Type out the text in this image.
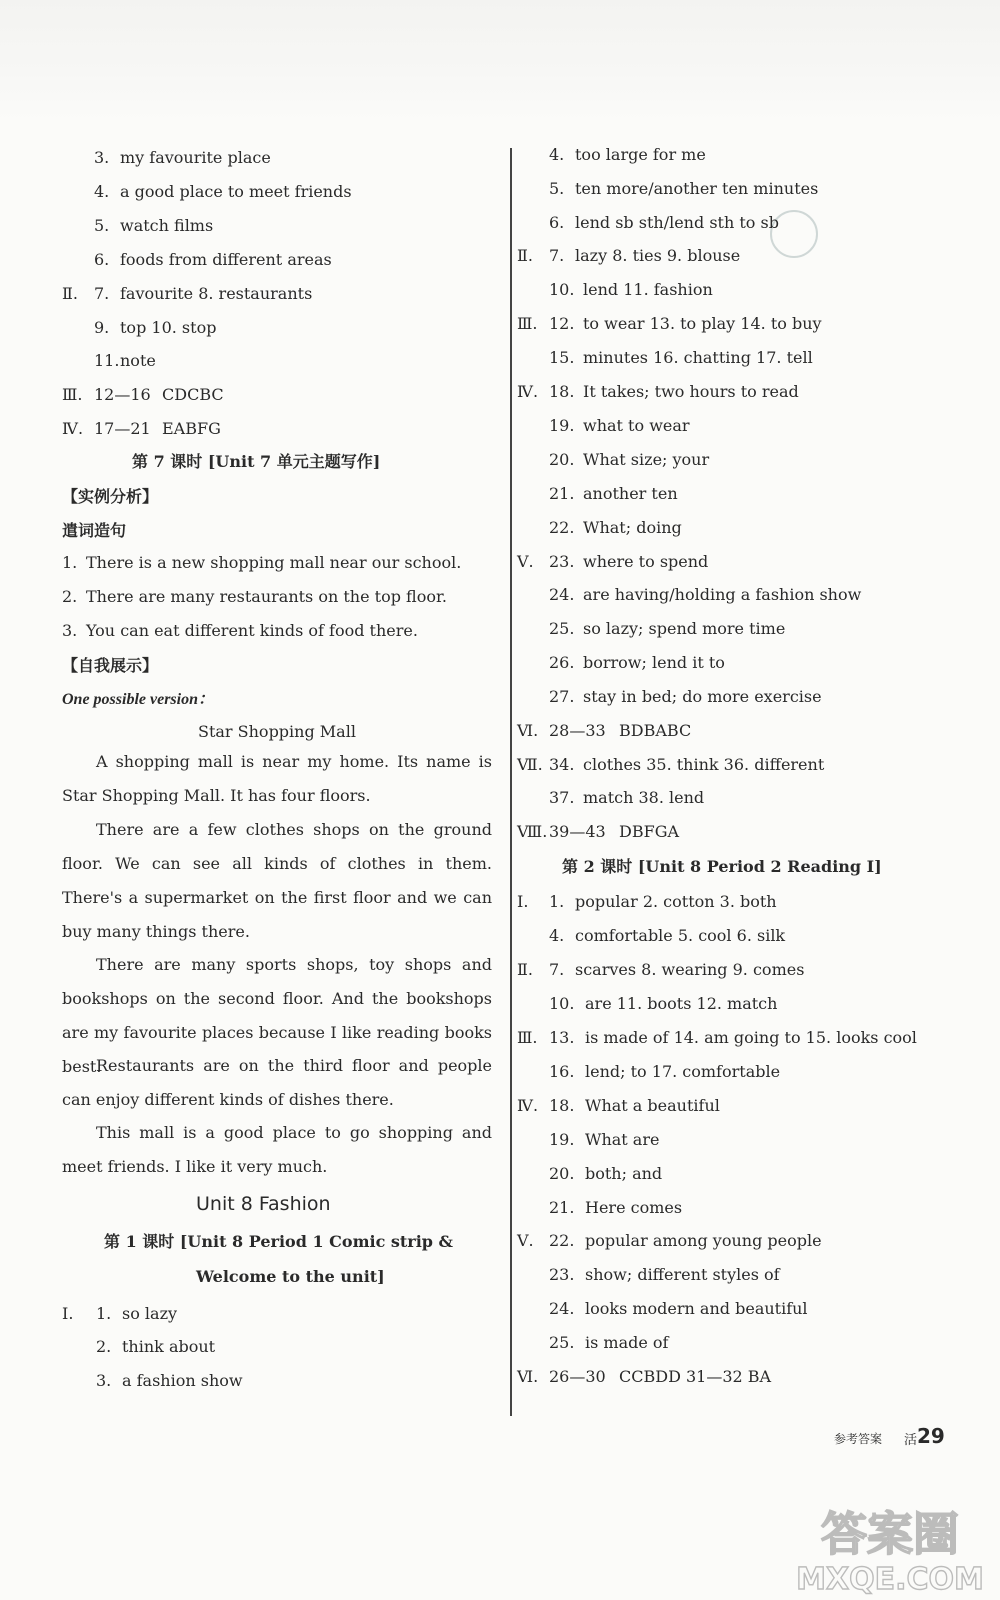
3. my favourite place
4. a good place to meet friends
5. watch films
6. foods from different areas
Ⅱ. 7. favourite 8. restaurants
9. top 10. stop
11. note
Ⅲ. 12—16 CDCBC
Ⅳ. 17—21 EABFG
4. too large for me
5. ten more/another ten minutes
6. lend sb sth/lend sth to sb
Ⅱ. 7. lazy 8. ties 9. blouse
10. lend 11. fashion
Ⅲ. 12. to wear 13. to play 14. to buy
15. minutes 16. chatting 17. tell
Ⅳ. 18. It takes; two hours to read
19. what to wear
20. What size; your
21. another ten
22. What; doing
Ⅴ. 23. where to spend
24. are having/holding a fashion show
25. so lazy; spend more time
26. borrow; lend it to
27. stay in bed; do more exercise
Ⅵ. 28—33 BDBABC
Ⅶ. 34. clothes 35. think 36. different
37. match 38. lend
Ⅷ. 39—43 DBFGA
Ⅰ. 1. popular 2. cotton 3. both
4. comfortable 5. cool 6. silk
Ⅱ. 7. scarves 8. wearing 9. comes
10. are 11. boots 12. match
Ⅲ. 13. is made of 14. am going to 15. looks cool
16. lend; to 17. comfortable
Ⅳ. 18. What a beautiful
19. What are
20. both; and
21. Here comes
Ⅴ. 22. popular among young people
23. show; different styles of
24. looks modern and beautiful
25. is made of
Ⅵ. 26—30 CCBDD 31—32 BA
第 7 课时 [Unit 7 单元主题写作]
【实例分析】
遣词造句
1. There is a new shopping mall near our school.
2. There are many restaurants on the top floor.
3. You can eat different kinds of food there.
【自我展示】
One possible version：
Star Shopping Mall
A shopping mall is near my home. Its name is Star Shopping Mall. It has four floors.
There are a few clothes shops on the ground floor. We can see all kinds of clothes in them. There's a supermarket on the first floor and we can buy many things there.
There are many sports shops, toy shops and bookshops on the second floor. And the bookshops are my favourite places because I like reading books best.
Restaurants are on the third floor and people can enjoy different kinds of dishes there.
This mall is a good place to go shopping and meet friends. I like it very much.
Unit 8 Fashion
第 1 课时 [Unit 8 Period 1 Comic strip &
Welcome to the unit]
Ⅰ. 1. so lazy
2. think about
3. a fashion show
第 2 课时 [Unit 8 Period 2 Reading Ⅰ]
参考答案 活 29
答案圈
MXQE.COM
